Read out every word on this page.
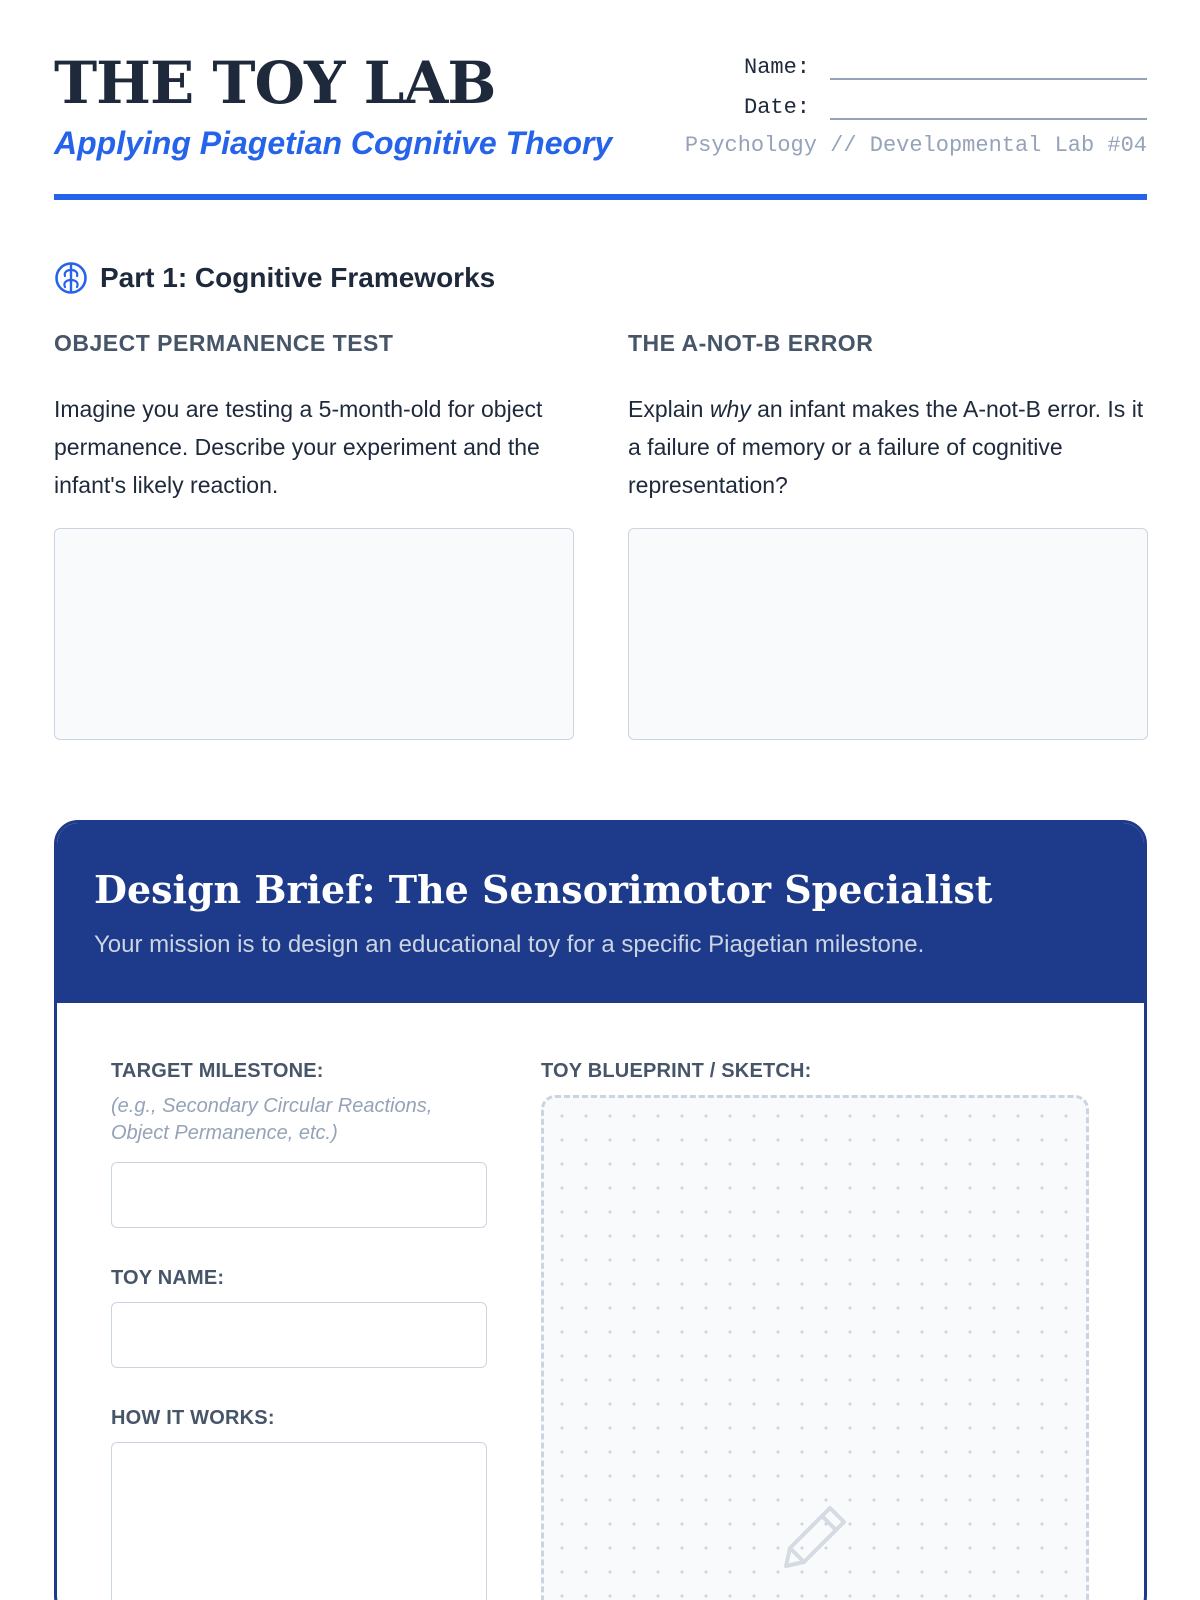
THE TOY LAB
Applying Piagetian Cognitive Theory
Name:
Date:
Psychology // Developmental Lab #04
Part 1: Cognitive Frameworks
OBJECT PERMANENCE TEST
Imagine you are testing a 5-month-old for object permanence. Describe your experiment and the infant's likely reaction.
THE A-NOT-B ERROR
Explain why an infant makes the A-not-B error. Is it a failure of memory or a failure of cognitive representation?
Design Brief: The Sensorimotor Specialist
Your mission is to design an educational toy for a specific Piagetian milestone.
TARGET MILESTONE:
(e.g., Secondary Circular Reactions, Object Permanence, etc.)
TOY NAME:
HOW IT WORKS:
TOY BLUEPRINT / SKETCH:
